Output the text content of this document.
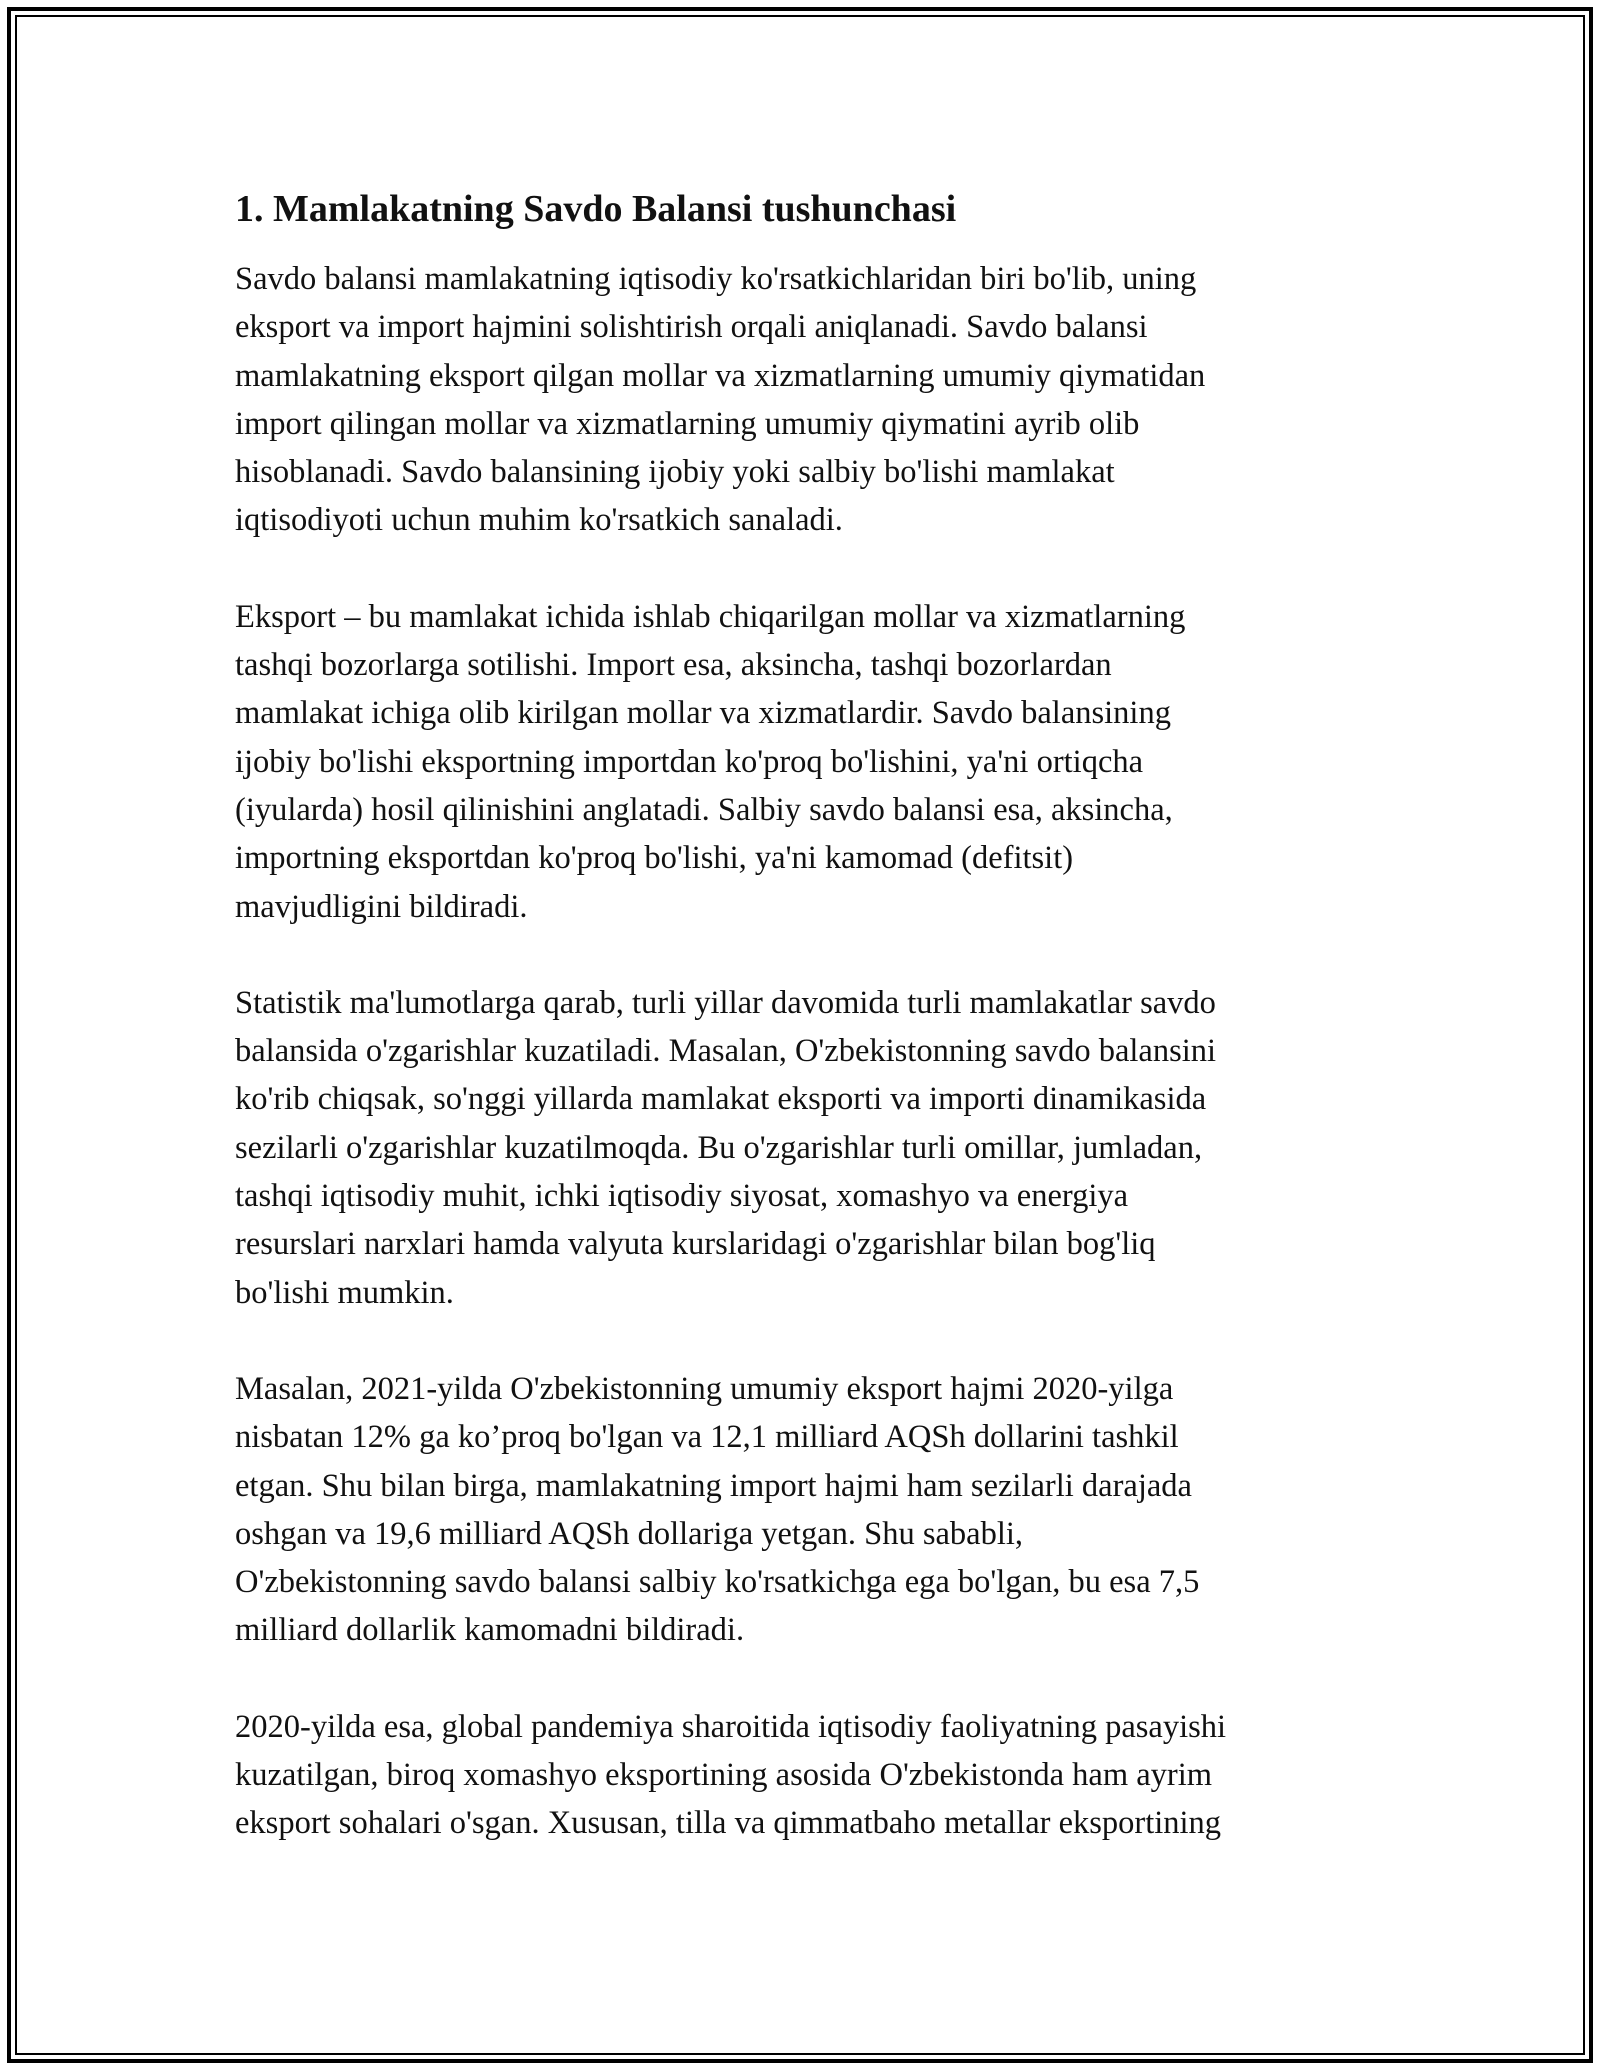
1. Mamlakatning Savdo Balansi tushunchasi

Savdo balansi mamlakatning iqtisodiy ko'rsatkichlaridan biri bo'lib, uning
eksport va import hajmini solishtirish orqali aniqlanadi. Savdo balansi
mamlakatning eksport qilgan mollar va xizmatlarning umumiy qiymatidan
import qilingan mollar va xizmatlarning umumiy qiymatini ayrib olib
hisoblanadi. Savdo balansining ijobiy yoki salbiy bo'lishi mamlakat
iqtisodiyoti uchun muhim ko'rsatkich sanaladi.

Eksport – bu mamlakat ichida ishlab chiqarilgan mollar va xizmatlarning
tashqi bozorlarga sotilishi. Import esa, aksincha, tashqi bozorlardan
mamlakat ichiga olib kirilgan mollar va xizmatlardir. Savdo balansining
ijobiy bo'lishi eksportning importdan ko'proq bo'lishini, ya'ni ortiqcha
(iyularda) hosil qilinishini anglatadi. Salbiy savdo balansi esa, aksincha,
importning eksportdan ko'proq bo'lishi, ya'ni kamomad (defitsit)
mavjudligini bildiradi.

Statistik ma'lumotlarga qarab, turli yillar davomida turli mamlakatlar savdo
balansida o'zgarishlar kuzatiladi. Masalan, O'zbekistonning savdo balansini
ko'rib chiqsak, so'nggi yillarda mamlakat eksporti va importi dinamikasida
sezilarli o'zgarishlar kuzatilmoqda. Bu o'zgarishlar turli omillar, jumladan,
tashqi iqtisodiy muhit, ichki iqtisodiy siyosat, xomashyo va energiya
resurslari narxlari hamda valyuta kurslaridagi o'zgarishlar bilan bog'liq
bo'lishi mumkin.

Masalan, 2021-yilda O'zbekistonning umumiy eksport hajmi 2020-yilga
nisbatan 12% ga ko’proq bo'lgan va 12,1 milliard AQSh dollarini tashkil
etgan. Shu bilan birga, mamlakatning import hajmi ham sezilarli darajada
oshgan va 19,6 milliard AQSh dollariga yetgan. Shu sababli,
O'zbekistonning savdo balansi salbiy ko'rsatkichga ega bo'lgan, bu esa 7,5
milliard dollarlik kamomadni bildiradi.

2020-yilda esa, global pandemiya sharoitida iqtisodiy faoliyatning pasayishi
kuzatilgan, biroq xomashyo eksportining asosida O'zbekistonda ham ayrim
eksport sohalari o'sgan. Xususan, tilla va qimmatbaho metallar eksportining
